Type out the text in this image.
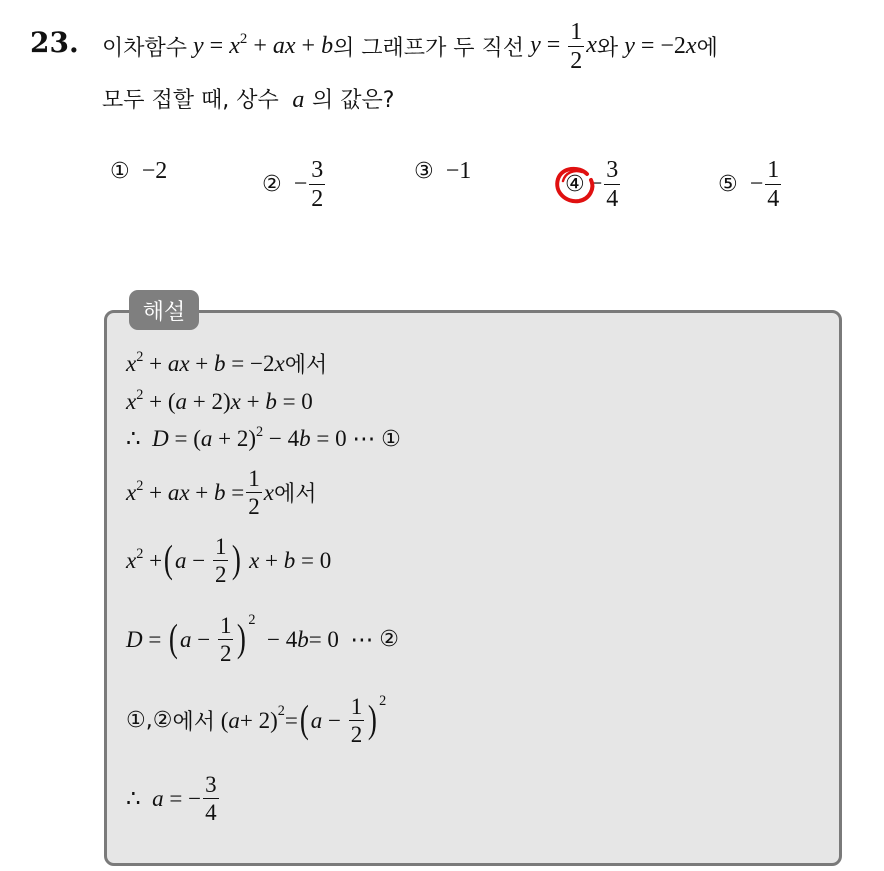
23. 이차함수 $y = x^2$ + ax + b 의 그래프가 두 직선 $y = \frac{1}{2}$ x 와 y = −2x 에
모두 접할 때, 상수  a 의 값은?
① −2
② − $\frac{3}{2}$	③ −1
④ − $\frac{3}{4}$	⑤ − $\frac{1}{4}$
해설
$x^2$ + ax + b = −2x 에서
$x^2 + (a + 2)x + b = 0$
∴  $D = (a + 2)^2 - 4b = 0$ ⋯
①
$x^2$ + ax + $b = \frac{1}{2}$ x 에서
$x^2$ + ( $a - \frac{1}{2}$ ) x + b = 0
D = ( $a - \frac{1}{2}$ ) 2
− 4 b = 0  ⋯ ②
①,② 에서 ( a + 2)$^2$ = ( $a - \frac{1}{2}$ ) 2
∴  a = − $\frac{3}{4}$
